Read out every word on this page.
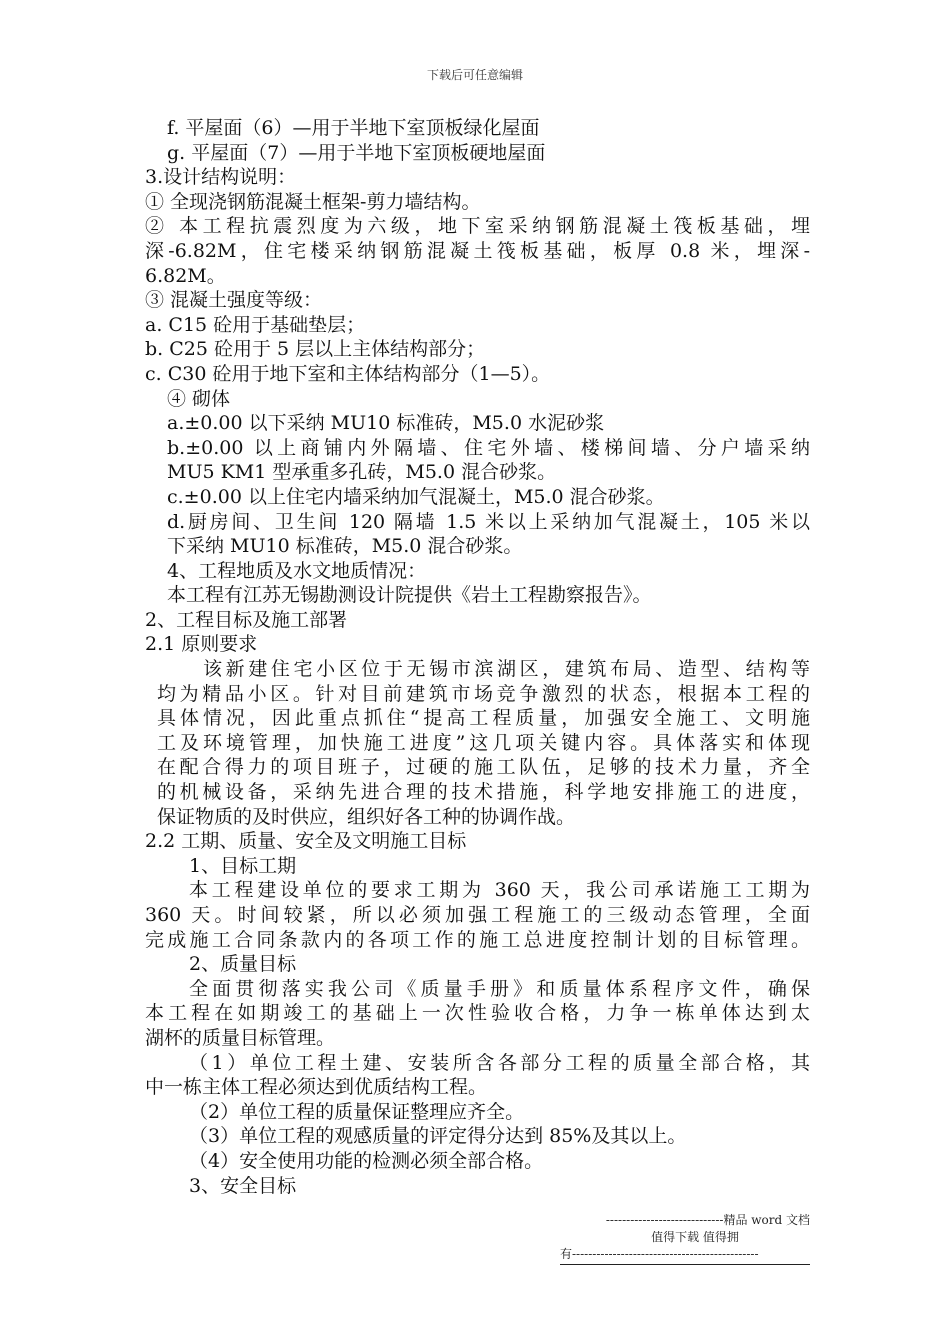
下载后可任意编辑
f. 平屋面（6）—用于半地下室顶板绿化屋面
g. 平屋面（7）—用于半地下室顶板硬地屋面
3.设计结构说明：
① 全现浇钢筋混凝土框架-剪力墙结构。
② 本工程抗震烈度为六级，地下室采纳钢筋混凝土筏板基础，埋
深-6.82M，住宅楼采纳钢筋混凝土筏板基础，板厚 0.8 米，埋深-
6.82M。
③ 混凝土强度等级：
a. C15 砼用于基础垫层；
b. C25 砼用于 5 层以上主体结构部分；
c. C30 砼用于地下室和主体结构部分（1—5）。
④ 砌体
a.±0.00 以下采纳 MU10 标准砖，M5.0 水泥砂浆
b.±0.00 以上商铺内外隔墙、住宅外墙、楼梯间墙、分户墙采纳
MU5 KM1 型承重多孔砖，M5.0 混合砂浆。
c.±0.00 以上住宅内墙采纳加气混凝土，M5.0 混合砂浆。
d.厨房间、卫生间 120 隔墙 1.5 米以上采纳加气混凝土，105 米以
下采纳 MU10 标准砖，M5.0 混合砂浆。
4、工程地质及水文地质情况：
本工程有江苏无锡勘测设计院提供《岩土工程勘察报告》。
2、工程目标及施工部署
2.1 原则要求
该新建住宅小区位于无锡市滨湖区，建筑布局、造型、结构等
均为精品小区。针对目前建筑市场竞争激烈的状态，根据本工程的
具体情况，因此重点抓住“提高工程质量，加强安全施工、文明施
工及环境管理，加快施工进度”这几项关键内容。具体落实和体现
在配合得力的项目班子，过硬的施工队伍，足够的技术力量，齐全
的机械设备，采纳先进合理的技术措施，科学地安排施工的进度，
保证物质的及时供应，组织好各工种的协调作战。
2.2 工期、质量、安全及文明施工目标
1、目标工期
本工程建设单位的要求工期为 360 天，我公司承诺施工工期为
360 天。时间较紧，所以必须加强工程施工的三级动态管理，全面
完成施工合同条款内的各项工作的施工总进度控制计划的目标管理。
2、质量目标
全面贯彻落实我公司《质量手册》和质量体系程序文件，确保
本工程在如期竣工的基础上一次性验收合格，力争一栋单体达到太
湖杯的质量目标管理。
（1）单位工程土建、安装所含各部分工程的质量全部合格，其
中一栋主体工程必须达到优质结构工程。
（2）单位工程的质量保证整理应齐全。
（3）单位工程的观感质量的评定得分达到 85%及其以上。
（4）安全使用功能的检测必须全部合格。
3、安全目标
-----------------------------精品 word 文档
值得下载 值得拥
有----------------------------------------------
